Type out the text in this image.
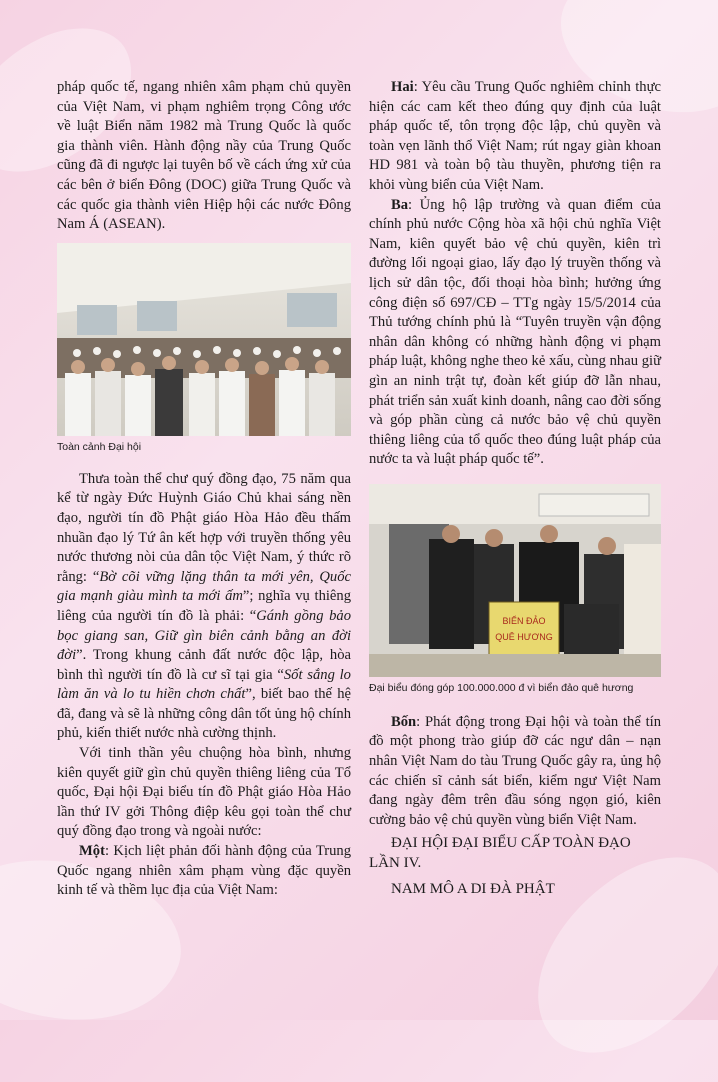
pháp quốc tế, ngang nhiên xâm phạm chủ quyền của Việt Nam, vi phạm nghiêm trọng Công ước về luật Biển năm 1982 mà Trung Quốc là quốc gia thành viên. Hành động nầy của Trung Quốc cũng đã đi ngược lại tuyên bố về cách ứng xử của các bên ở biển Đông (DOC) giữa Trung Quốc và các quốc gia thành viên Hiệp hội các nước Đông Nam Á (ASEAN).

Toàn cảnh Đại hội

Thưa toàn thể chư quý đồng đạo, 75 năm qua kể từ ngày Đức Huỳnh Giáo Chủ khai sáng nền đạo, người tín đồ Phật giáo Hòa Hảo đều thấm nhuần đạo lý Tứ ân kết hợp với truyền thống yêu nước thương nòi của dân tộc Việt Nam, ý thức rõ rằng: “Bờ cõi vững lặng thân ta mới yên, Quốc gia mạnh giàu mình ta mới ấm”; nghĩa vụ thiêng liêng của người tín đồ là phải: “Gánh gồng bảo bọc giang san, Giữ gìn biên cảnh bằng an đời đời”. Trong khung cảnh đất nước độc lập, hòa bình thì người tín đồ là cư sĩ tại gia “Sốt sắng lo làm ăn và lo tu hiền chơn chất”, biết bao thế hệ đã, đang và sẽ là những công dân tốt ủng hộ chính phủ, kiến thiết nước nhà cường thịnh.

Với tinh thần yêu chuộng hòa bình, nhưng kiên quyết giữ gìn chủ quyền thiêng liêng của Tổ quốc, Đại hội Đại biểu tín đồ Phật giáo Hòa Hảo lần thứ IV gởi Thông điệp kêu gọi toàn thể chư quý đồng đạo trong và ngoài nước:

Một: Kịch liệt phản đối hành động của Trung Quốc ngang nhiên xâm phạm vùng đặc quyền kinh tế và thềm lục địa của Việt Nam:

Hai: Yêu cầu Trung Quốc nghiêm chỉnh thực hiện các cam kết theo đúng quy định của luật pháp quốc tế, tôn trọng độc lập, chủ quyền và toàn vẹn lãnh thổ Việt Nam; rút ngay giàn khoan HD 981 và toàn bộ tàu thuyền, phương tiện ra khỏi vùng biển của Việt Nam.

Ba: Ủng hộ lập trường và quan điểm của chính phủ nước Cộng hòa xã hội chủ nghĩa Việt Nam, kiên quyết bảo vệ chủ quyền, kiên trì đường lối ngoại giao, lấy đạo lý truyền thống và lịch sử dân tộc, đối thoại hòa bình; hưởng ứng công điện số 697/CĐ – TTg ngày 15/5/2014 của Thủ tướng chính phủ là “Tuyên truyền vận động nhân dân không có những hành động vi phạm pháp luật, không nghe theo kẻ xấu, cùng nhau giữ gìn an ninh trật tự, đoàn kết giúp đỡ lẫn nhau, phát triển sản xuất kinh doanh, nâng cao đời sống và góp phần cùng cả nước bảo vệ chủ quyền thiêng liêng của tổ quốc theo đúng luật pháp của nước ta và luật pháp quốc tế”.

BIỂN ĐẢO
QUÊ HƯƠNG

Đại biểu đóng góp 100.000.000 đ vì biển đảo quê hương

Bốn: Phát động trong Đại hội và toàn thể tín đồ một phong trào giúp đỡ các ngư dân – nạn nhân Việt Nam do tàu Trung Quốc gây ra, ủng hộ các chiến sĩ cảnh sát biển, kiểm ngư Việt Nam đang ngày đêm trên đầu sóng ngọn gió, kiên cường bảo vệ chủ quyền vùng biển Việt Nam.

ĐẠI HỘI ĐẠI BIỂU CẤP TOÀN ĐẠO LẦN IV.

NAM MÔ A DI ĐÀ PHẬT
